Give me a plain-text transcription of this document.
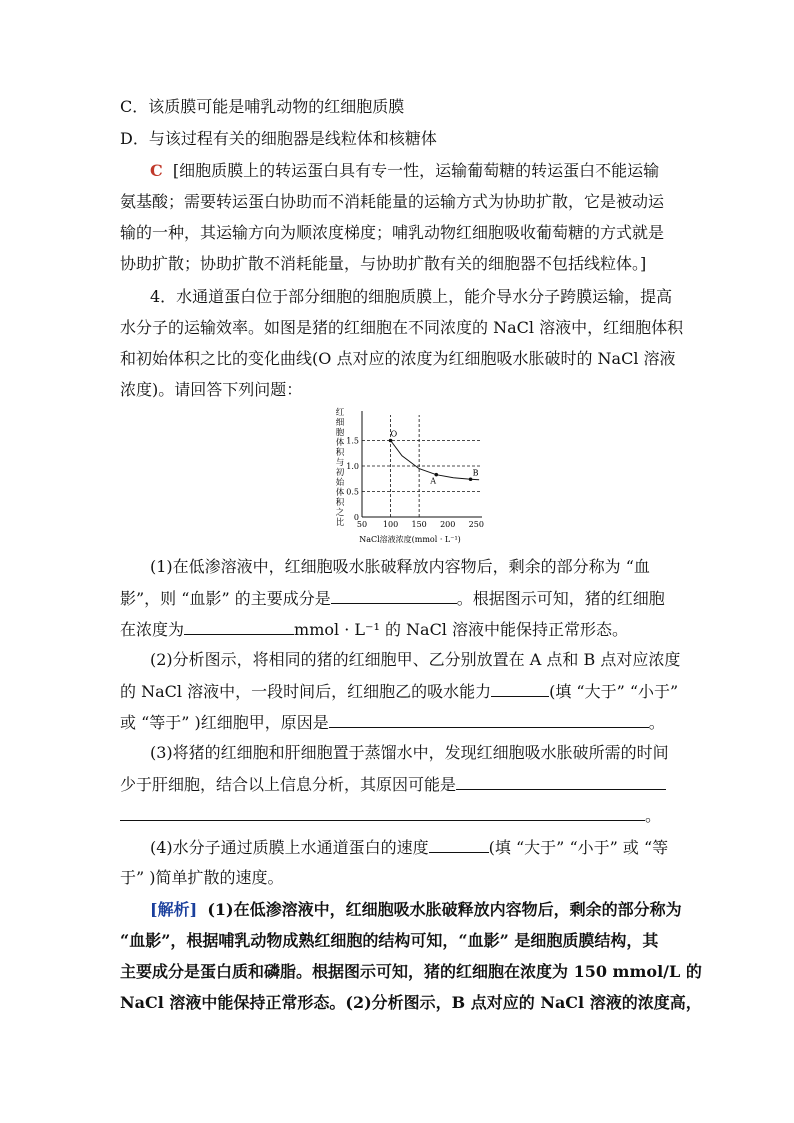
C．该质膜可能是哺乳动物的红细胞质膜
D．与该过程有关的细胞器是线粒体和核糖体
C [细胞质膜上的转运蛋白具有专一性，运输葡萄糖的转运蛋白不能运输
氨基酸；需要转运蛋白协助而不消耗能量的运输方式为协助扩散，它是被动运
输的一种，其运输方向为顺浓度梯度；哺乳动物红细胞吸收葡萄糖的方式就是
协助扩散；协助扩散不消耗能量，与协助扩散有关的细胞器不包括线粒体。]
4．水通道蛋白位于部分细胞的细胞质膜上，能介导水分子跨膜运输，提高
水分子的运输效率。如图是猪的红细胞在不同浓度的 NaCl 溶液中，红细胞体积
和初始体积之比的变化曲线(O 点对应的浓度为红细胞吸水胀破时的 NaCl 溶液
浓度)。请回答下列问题：
红
细
胞
体
积
与
初
始
体
积
之
比 50 100 150 200 250
0
0.5
1.0
1.5
O
A
B
NaCl溶液浓度(mmol · L⁻¹)
(1)在低渗溶液中，红细胞吸水胀破释放内容物后，剩余的部分称为 “血
影”，则 “血影” 的主要成分是	。根据图示可知，猪的红细胞
在浓度为	mmol · L⁻¹ 的 NaCl 溶液中能保持正常形态。
(2)分析图示，将相同的猪的红细胞甲、乙分别放置在 A 点和 B 点对应浓度
的 NaCl 溶液中，一段时间后，红细胞乙的吸水能力	(填 “大于” “小于”
或 “等于” )红细胞甲，原因是	。
(3)将猪的红细胞和肝细胞置于蒸馏水中，发现红细胞吸水胀破所需的时间
少于肝细胞，结合以上信息分析，其原因可能是
。
(4)水分子通过质膜上水通道蛋白的速度	(填 “大于” “小于” 或 “等
于” )简单扩散的速度。
[解析] (1)在低渗溶液中，红细胞吸水胀破释放内容物后，剩余的部分称为
“血影”，根据哺乳动物成熟红细胞的结构可知，“血影” 是细胞质膜结构，其
主要成分是蛋白质和磷脂。根据图示可知，猪的红细胞在浓度为 150 mmol/L 的
NaCl 溶液中能保持正常形态。(2)分析图示，B 点对应的 NaCl 溶液的浓度高，
